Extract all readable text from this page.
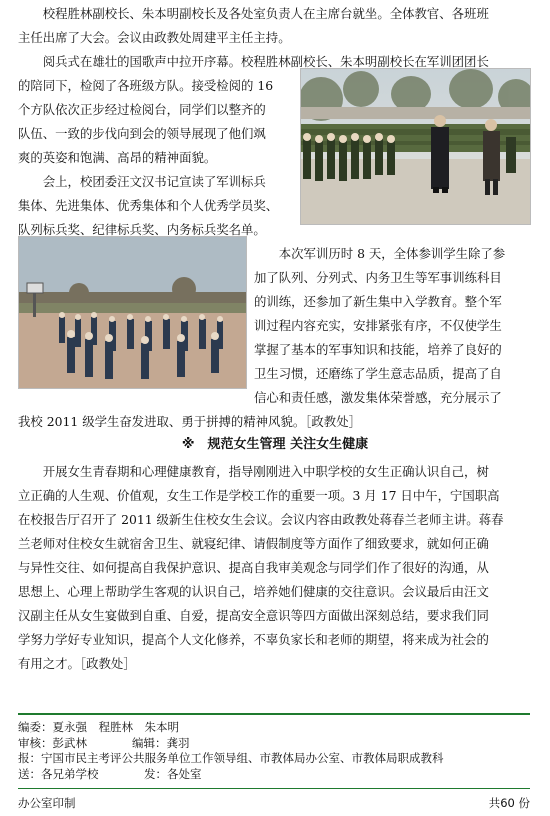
　　校程胜林副校长、朱本明副校长及各处室负责人在主席台就坐。全体教官、各班班
主任出席了大会。会议由政教处周建平主任主持。
　　阅兵式在雄壮的国歌声中拉开序幕。校程胜林副校长、朱本明副校长在军训团团长
的陪同下，检阅了各班级方队。接受检阅的 16
个方队依次正步经过检阅台，同学们以整齐的
队伍、一致的步伐向到会的领导展现了他们飒
爽的英姿和饱满、高昂的精神面貌。
　　会上，校团委汪文汉书记宣读了军训标兵
集体、先进集体、优秀集体和个人优秀学员奖、
队列标兵奖、纪律标兵奖、内务标兵奖名单。
　　本次军训历时 8 天，全体参训学生除了参
加了队列、分列式、内务卫生等军事训练科目
的训练，还参加了新生集中入学教育。整个军
训过程内容充实，安排紧张有序，不仅使学生
掌握了基本的军事知识和技能，培养了良好的
卫生习惯，还磨练了学生意志品质，提高了自
信心和责任感，激发集体荣誉感，充分展示了
我校 2011 级学生奋发进取、勇于拼搏的精神风貌。［政教处］
※　规范女生管理 关注女生健康
　　开展女生青春期和心理健康教育，指导刚刚进入中职学校的女生正确认识自己，树
立正确的人生观、价值观，女生工作是学校工作的重要一项。3 月 17 日中午，宁国职高
在校报告厅召开了 2011 级新生住校女生会议。会议内容由政教处蒋春兰老师主讲。蒋春
兰老师对住校女生就宿舍卫生、就寝纪律、请假制度等方面作了细致要求，就如何正确
与异性交往、如何提高自我保护意识、提高自我审美观念与同学们作了很好的沟通，从
思想上、心理上帮助学生客观的认识自己，培养她们健康的交往意识。会议最后由汪文
汉副主任从女生宴做到自重、自爱，提高安全意识等四方面做出深刻总结，要求我们同
学努力学好专业知识，提高个人文化修养，不辜负家长和老师的期望，将来成为社会的
有用之才。［政教处］
编委：夏永强　程胜林　朱本明
审核：彭武林	编辑：龚羽
报：宁国市民主考评公共服务单位工作领导组、市教体局办公室、市教体局职成教科
送：各兄弟学校	发：各处室
办公室印制	共60 份
